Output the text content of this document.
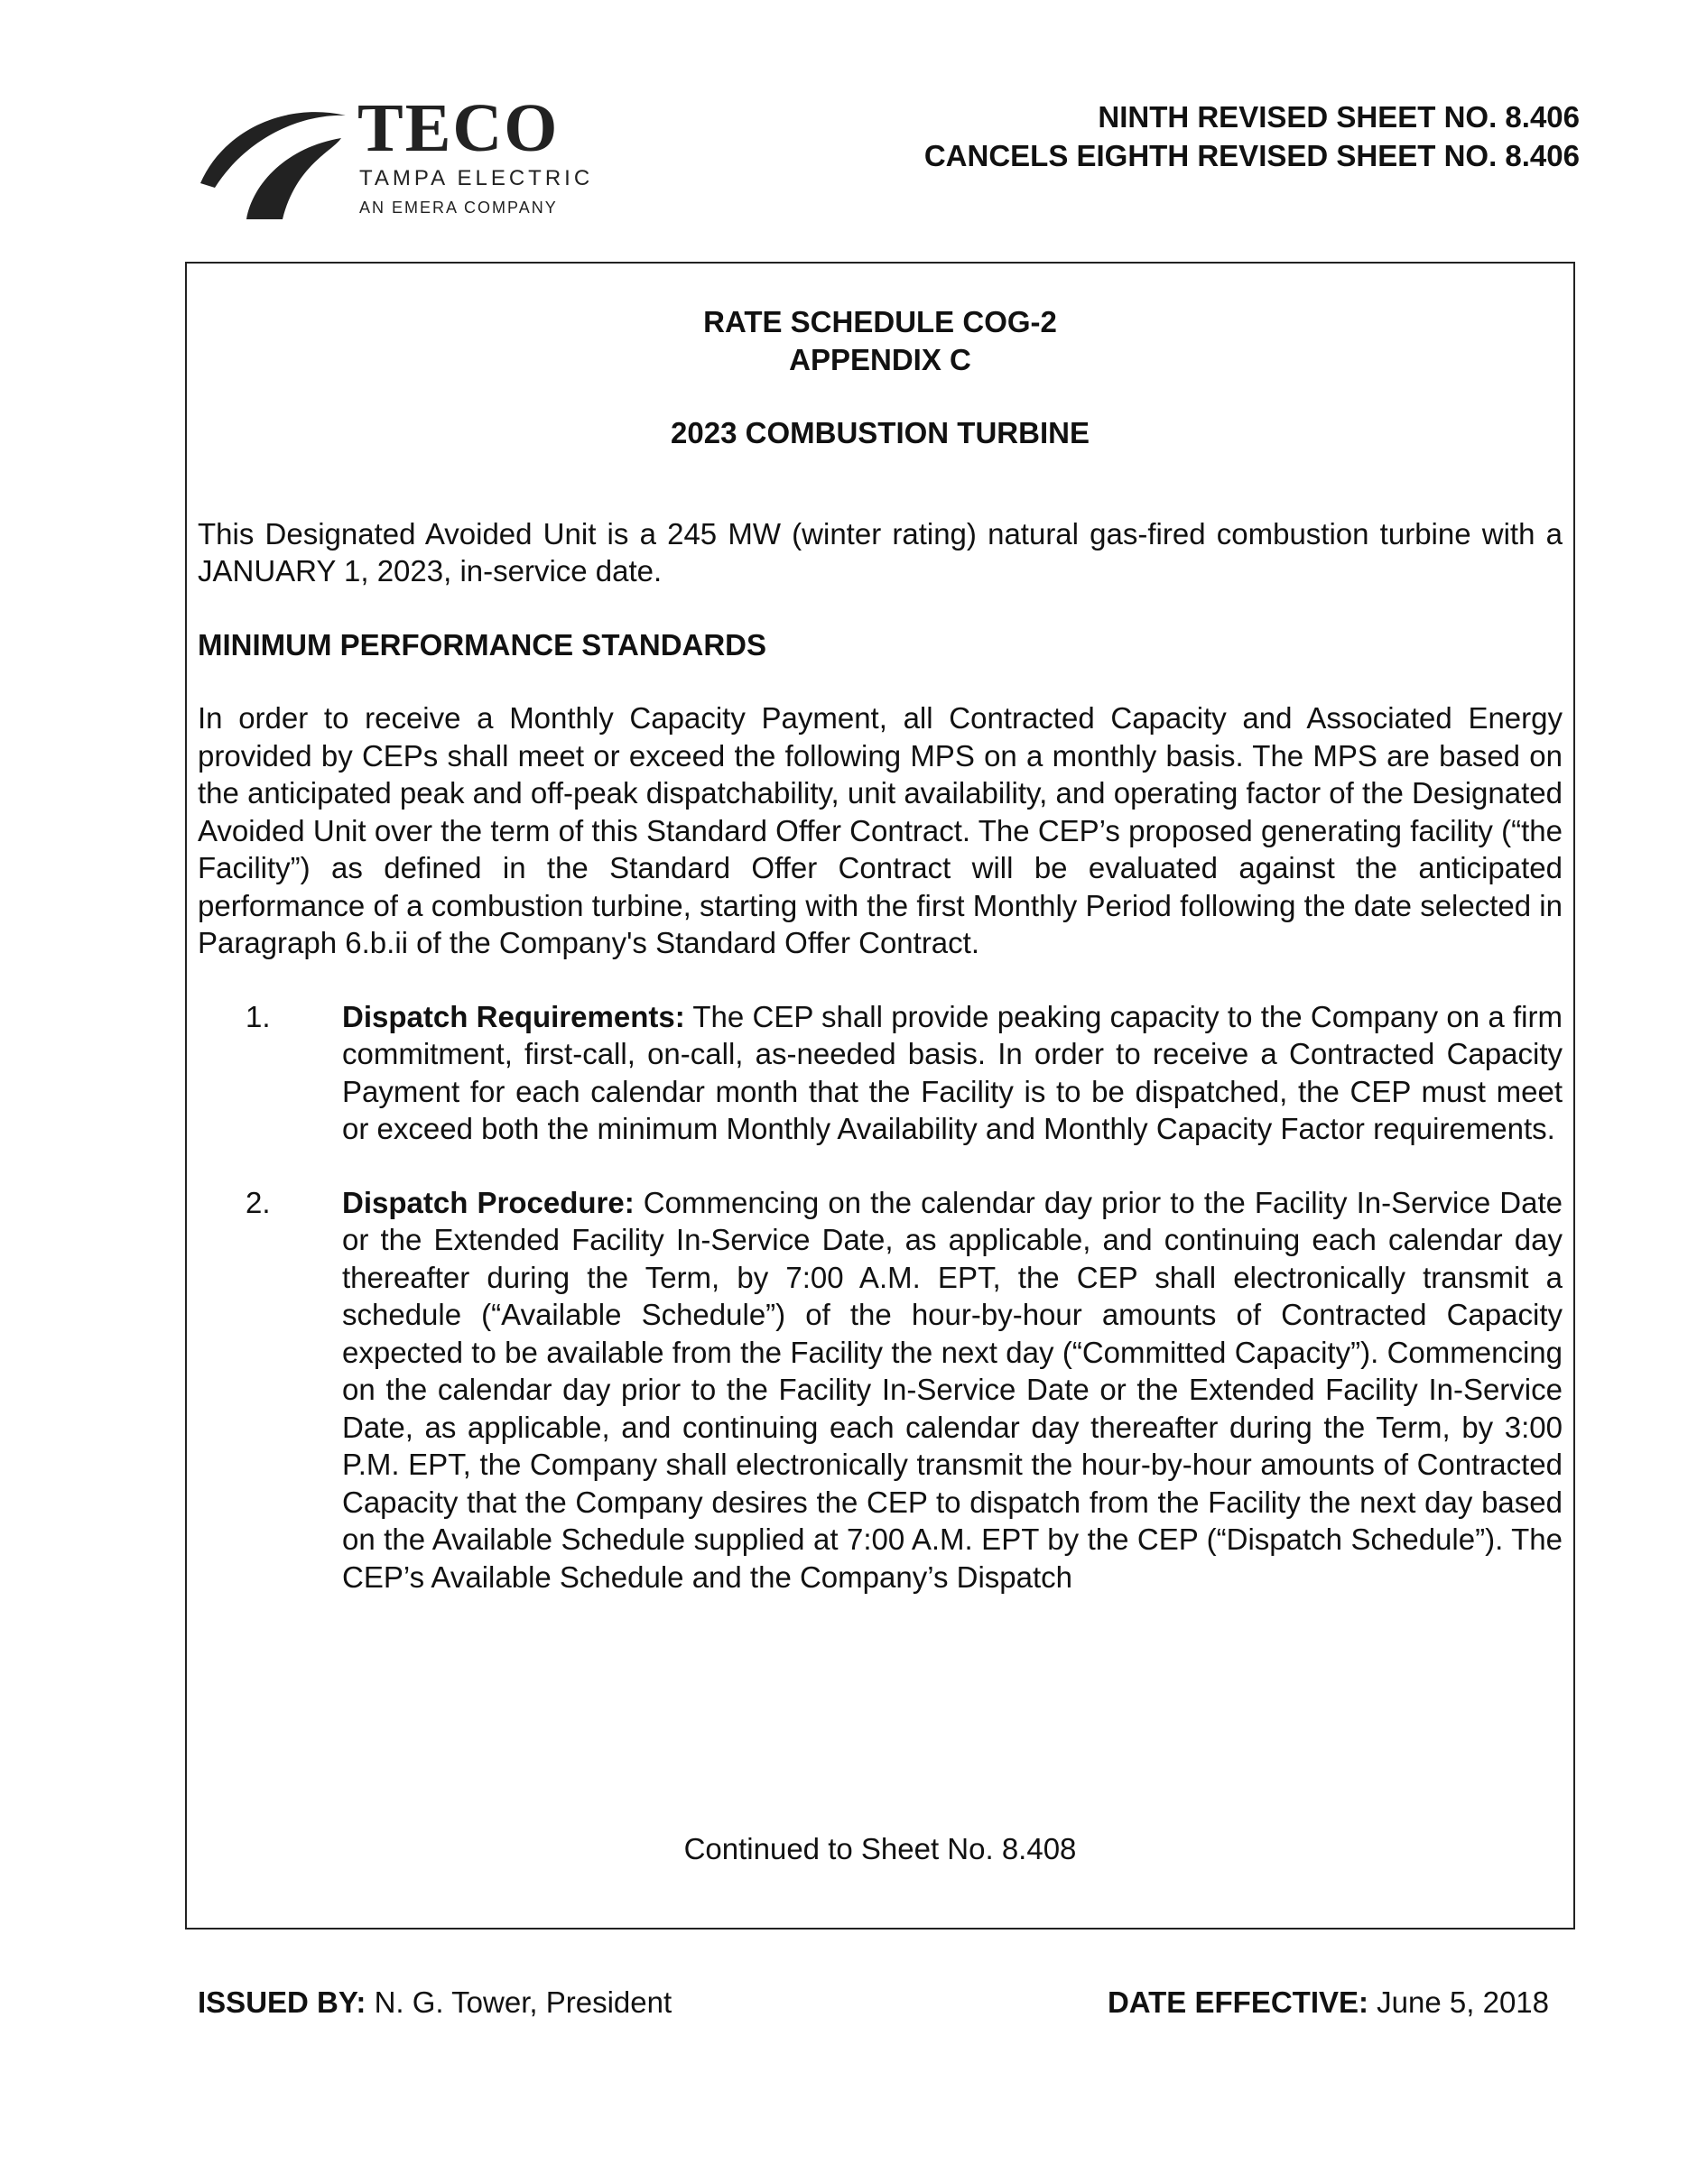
TECO
TAMPA ELECTRIC
AN EMERA COMPANY
NINTH REVISED SHEET NO. 8.406
CANCELS EIGHTH REVISED SHEET NO. 8.406
RATE SCHEDULE COG-2
APPENDIX C
2023 COMBUSTION TURBINE

This Designated Avoided Unit is a 245 MW (winter rating) natural gas-fired combustion turbine with a JANUARY 1, 2023, in-service date.

MINIMUM PERFORMANCE STANDARDS

In order to receive a Monthly Capacity Payment, all Contracted Capacity and Associated Energy provided by CEPs shall meet or exceed the following MPS on a monthly basis. The MPS are based on the anticipated peak and off-peak dispatchability, unit availability, and operating factor of the Designated Avoided Unit over the term of this Standard Offer Contract. The CEP’s proposed generating facility (“the Facility”) as defined in the Standard Offer Contract will be evaluated against the anticipated performance of a combustion turbine, starting with the first Monthly Period following the date selected in Paragraph 6.b.ii of the Company's Standard Offer Contract.

1. Dispatch Requirements: The CEP shall provide peaking capacity to the Company on a firm commitment, first-call, on-call, as-needed basis. In order to receive a Contracted Capacity Payment for each calendar month that the Facility is to be dispatched, the CEP must meet or exceed both the minimum Monthly Availability and Monthly Capacity Factor requirements.
2. Dispatch Procedure: Commencing on the calendar day prior to the Facility In-Service Date or the Extended Facility In-Service Date, as applicable, and continuing each calendar day thereafter during the Term, by 7:00 A.M. EPT, the CEP shall electronically transmit a schedule (“Available Schedule”) of the hour-by-hour amounts of Contracted Capacity expected to be available from the Facility the next day (“Committed Capacity”). Commencing on the calendar day prior to the Facility In-Service Date or the Extended Facility In-Service Date, as applicable, and continuing each calendar day thereafter during the Term, by 3:00 P.M. EPT, the Company shall electronically transmit the hour-by-hour amounts of Contracted Capacity that the Company desires the CEP to dispatch from the Facility the next day based on the Available Schedule supplied at 7:00 A.M. EPT by the CEP (“Dispatch Schedule”). The CEP’s Available Schedule and the Company’s Dispatch
Continued to Sheet No. 8.408
ISSUED BY: N. G. Tower, President	DATE EFFECTIVE: June 5, 2018
